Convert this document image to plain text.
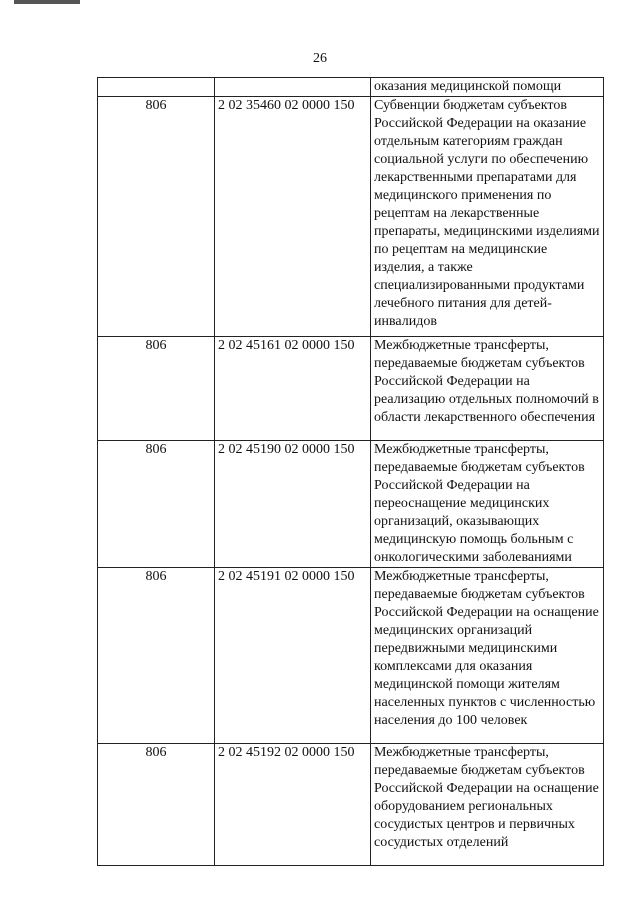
26
		оказания медицинской помощи
806	2 02 35460 02 0000 150	Субвенции бюджетам субъектов Российской Федерации на оказание отдельным категориям граждан социальной услуги по обеспечению лекарственными препаратами для медицинского применения по рецептам на лекарственные препараты, медицинскими изделиями по рецептам на медицинские изделия, а также специализированными продуктами лечебного питания для детей-инвалидов
806	2 02 45161 02 0000 150	Межбюджетные трансферты, передаваемые бюджетам субъектов Российской Федерации на реализацию отдельных полномочий в области лекарственного обеспечения
806	2 02 45190 02 0000 150	Межбюджетные трансферты, передаваемые бюджетам субъектов Российской Федерации на переоснащение медицинских организаций, оказывающих медицинскую помощь больным с онкологическими заболеваниями
806	2 02 45191 02 0000 150	Межбюджетные трансферты, передаваемые бюджетам субъектов Российской Федерации на оснащение медицинских организаций передвижными медицинскими комплексами для оказания медицинской помощи жителям населенных пунктов с численностью населения до 100 человек
806	2 02 45192 02 0000 150	Межбюджетные трансферты, передаваемые бюджетам субъектов Российской Федерации на оснащение оборудованием региональных сосудистых центров и первичных сосудистых отделений
